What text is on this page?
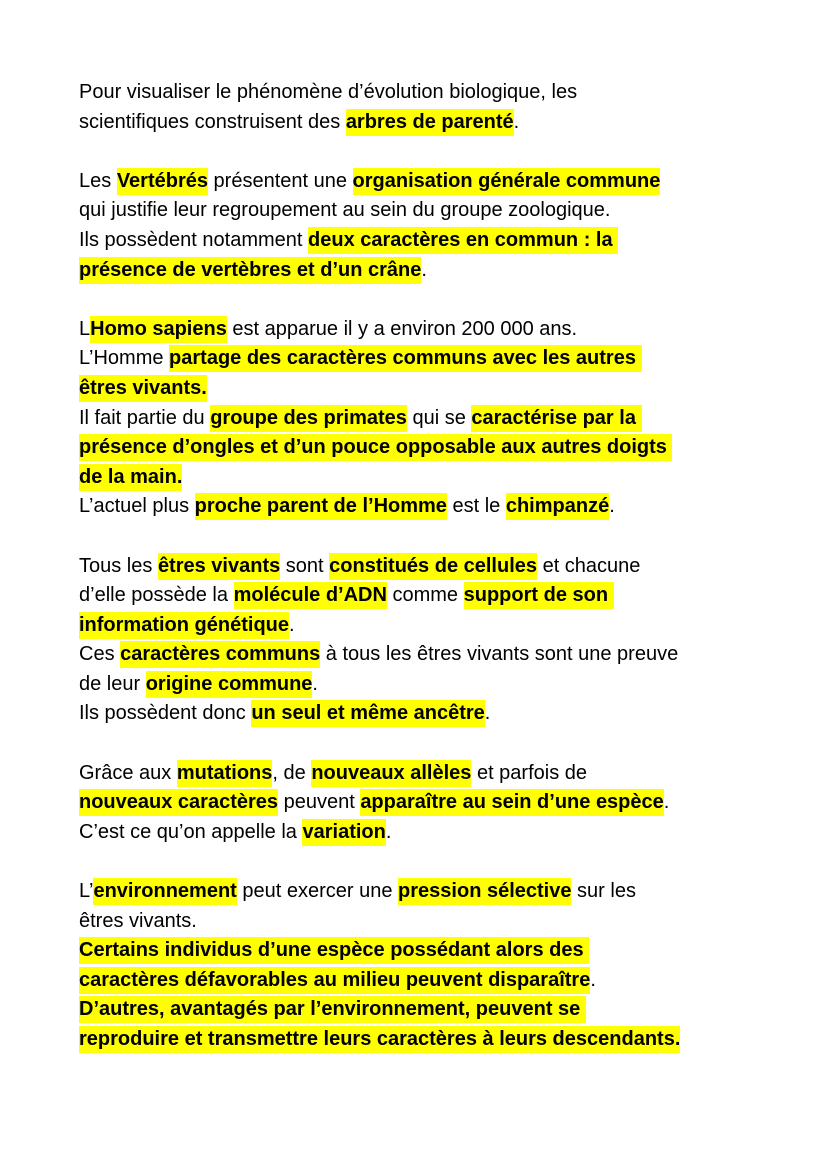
Pour visualiser le phénomène d’évolution biologique, les
scientifiques construisent des arbres de parenté.
Les Vertébrés présentent une organisation générale commune
qui justifie leur regroupement au sein du groupe zoologique.
Ils possèdent notamment deux caractères en commun : la
présence de vertèbres et d’un crâne.
LHomo sapiens est apparue il y a environ 200 000 ans.
L’Homme partage des caractères communs avec les autres
êtres vivants.
Il fait partie du groupe des primates qui se caractérise par la
présence d’ongles et d’un pouce opposable aux autres doigts
de la main.
L’actuel plus proche parent de l’Homme est le chimpanzé.
Tous les êtres vivants sont constitués de cellules et chacune
d’elle possède la molécule d’ADN comme support de son
information génétique.
Ces caractères communs à tous les êtres vivants sont une preuve
de leur origine commune.
Ils possèdent donc un seul et même ancêtre.
Grâce aux mutations, de nouveaux allèles et parfois de
nouveaux caractères peuvent apparaître au sein d’une espèce.
C’est ce qu’on appelle la variation.
L’environnement peut exercer une pression sélective sur les
êtres vivants.
Certains individus d’une espèce possédant alors des
caractères défavorables au milieu peuvent disparaître.
D’autres, avantagés par l’environnement, peuvent se
reproduire et transmettre leurs caractères à leurs descendants.
